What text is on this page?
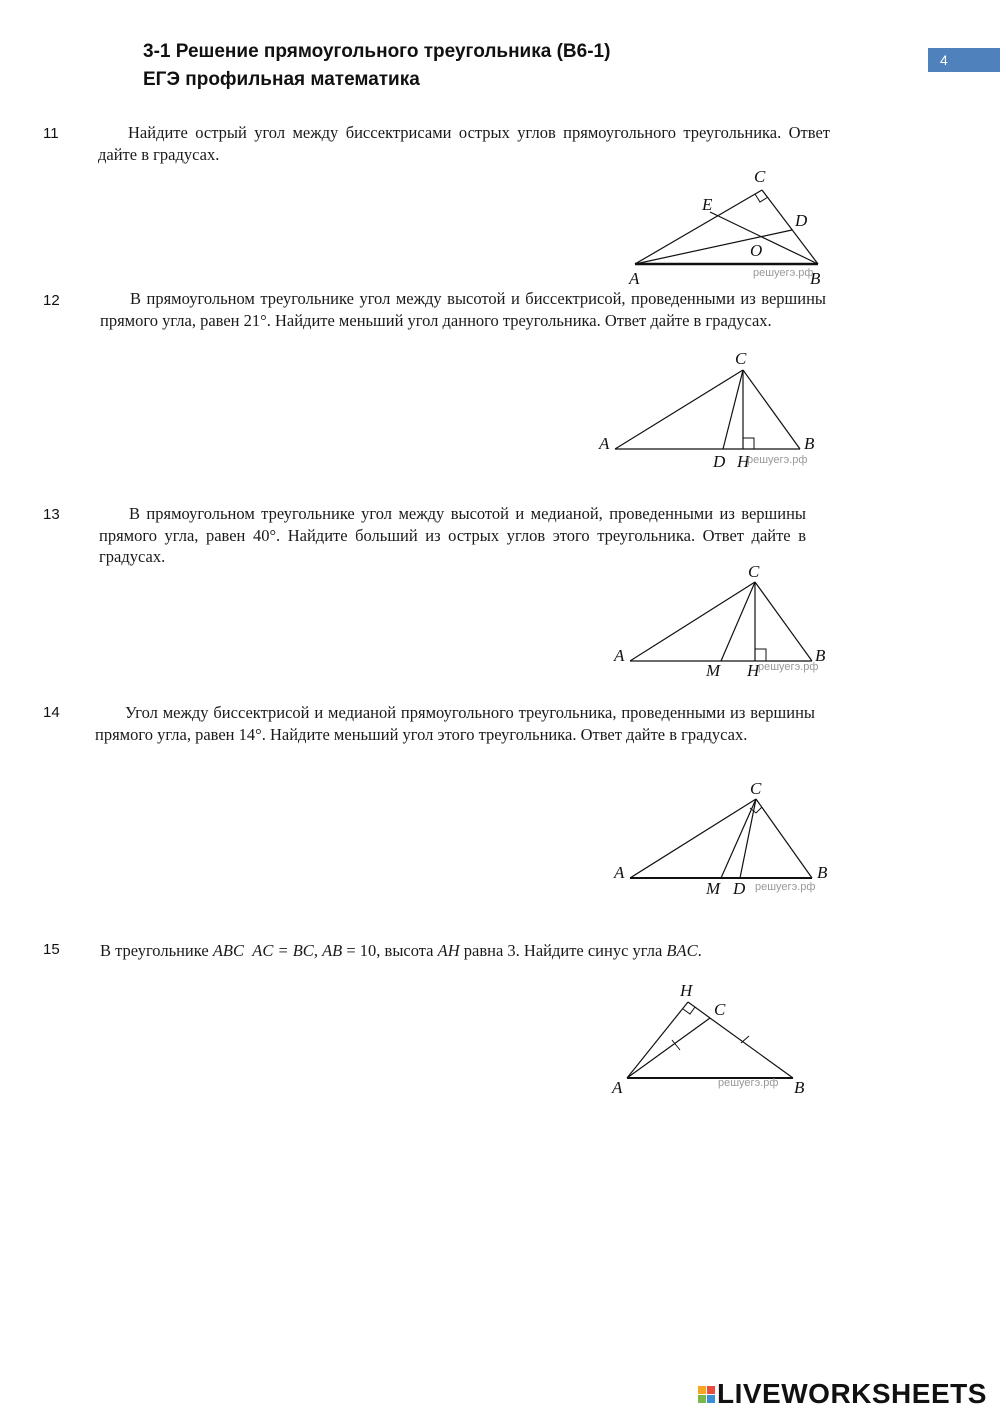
3-1 Решение прямоугольного треугольника (В6-1)
ЕГЭ профильная математика
4
11	Найдите острый угол между биссектрисами острых углов прямоугольного треугольника. Ответ дайте в градусах.
C
E
D
O
A	B
решуегэ.рф
12	В прямоугольном треугольнике угол между высотой и биссектрисой, проведенными из вершины прямого угла, равен 21°. Найдите меньший угол данного треугольника. Ответ дайте в градусах.
C
A	B
D H
решуегэ.рф
13	В прямоугольном треугольнике угол между высотой и медианой, проведенными из вершины прямого угла, равен 40°. Найдите больший из острых углов этого треугольника. Ответ дайте в градусах.
C
A	B
M H
решуегэ.рф
14	Угол между биссектрисой и медианой прямоугольного треугольника, проведенными из вершины прямого угла, равен 14°. Найдите меньший угол этого треугольника. Ответ дайте в градусах.
C
A	B
M D решуегэ.рф
15 В треугольнике ABC AC = BC, AB = 10, высота AH равна 3. Найдите синус угла BAC.
H
C
A	B
решуегэ.рф
LIVEWORKSHEETS
